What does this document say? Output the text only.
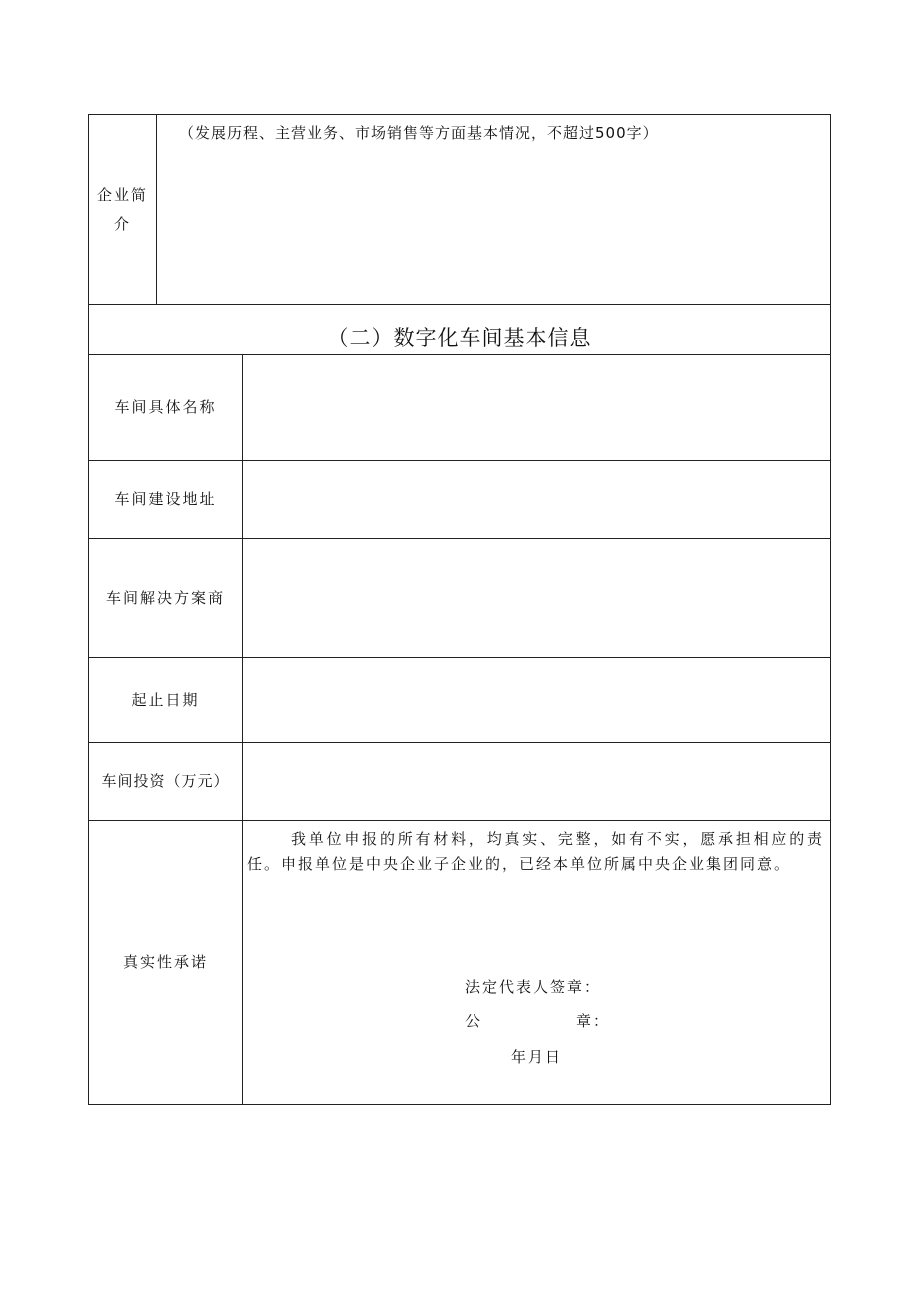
企业简介
（发展历程、主营业务、市场销售等方面基本情况，不超过500字）
（二）数字化车间基本信息
车间具体名称
车间建设地址
车间解决方案商
起止日期
车间投资（万元）
真实性承诺

我单位申报的所有材料，均真实、完整，如有不实，愿承担相应的责任。申报单位是中央企业子企业的，已经本单位所属中央企业集团同意。

法定代表人签章：
公	章：
年月日
